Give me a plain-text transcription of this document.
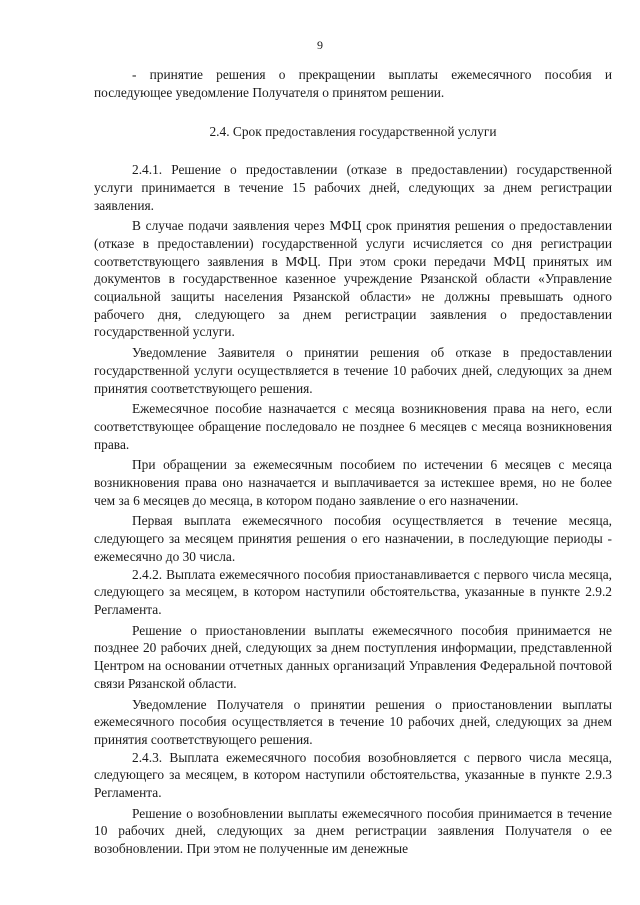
9

- принятие решения о прекращении выплаты ежемесячного пособия и последующее уведомление Получателя о принятом решении.

2.4. Срок предоставления государственной услуги

2.4.1. Решение о предоставлении (отказе в предоставлении) государственной услуги принимается в течение 15 рабочих дней, следующих за днем регистрации заявления.

В случае подачи заявления через МФЦ срок принятия решения о предоставлении (отказе в предоставлении) государственной услуги исчисляется со дня регистрации соответствующего заявления в МФЦ. При этом сроки передачи МФЦ принятых им документов в государственное казенное учреждение Рязанской области «Управление социальной защиты населения Рязанской области» не должны превышать одного рабочего дня, следующего за днем регистрации заявления о предоставлении государственной услуги.

Уведомление Заявителя о принятии решения об отказе в предоставлении государственной услуги осуществляется в течение 10 рабочих дней, следующих за днем принятия соответствующего решения.

Ежемесячное пособие назначается с месяца возникновения права на него, если соответствующее обращение последовало не позднее 6 месяцев с месяца возникновения права.

При обращении за ежемесячным пособием по истечении 6 месяцев с месяца возникновения права оно назначается и выплачивается за истекшее время, но не более чем за 6 месяцев до месяца, в котором подано заявление о его назначении.

Первая выплата ежемесячного пособия осуществляется в течение месяца, следующего за месяцем принятия решения о его назначении, в последующие периоды - ежемесячно до 30 числа.

2.4.2. Выплата ежемесячного пособия приостанавливается с первого числа месяца, следующего за месяцем, в котором наступили обстоятельства, указанные в пункте 2.9.2 Регламента.

Решение о приостановлении выплаты ежемесячного пособия принимается не позднее 20 рабочих дней, следующих за днем поступления информации, представленной Центром на основании отчетных данных организаций Управления Федеральной почтовой связи Рязанской области.

Уведомление Получателя о принятии решения о приостановлении выплаты ежемесячного пособия осуществляется в течение 10 рабочих дней, следующих за днем принятия соответствующего решения.

2.4.3. Выплата ежемесячного пособия возобновляется с первого числа месяца, следующего за месяцем, в котором наступили обстоятельства, указанные в пункте 2.9.3 Регламента.

Решение о возобновлении выплаты ежемесячного пособия принимается в течение 10 рабочих дней, следующих за днем регистрации заявления Получателя о ее возобновлении. При этом не полученные им денежные
